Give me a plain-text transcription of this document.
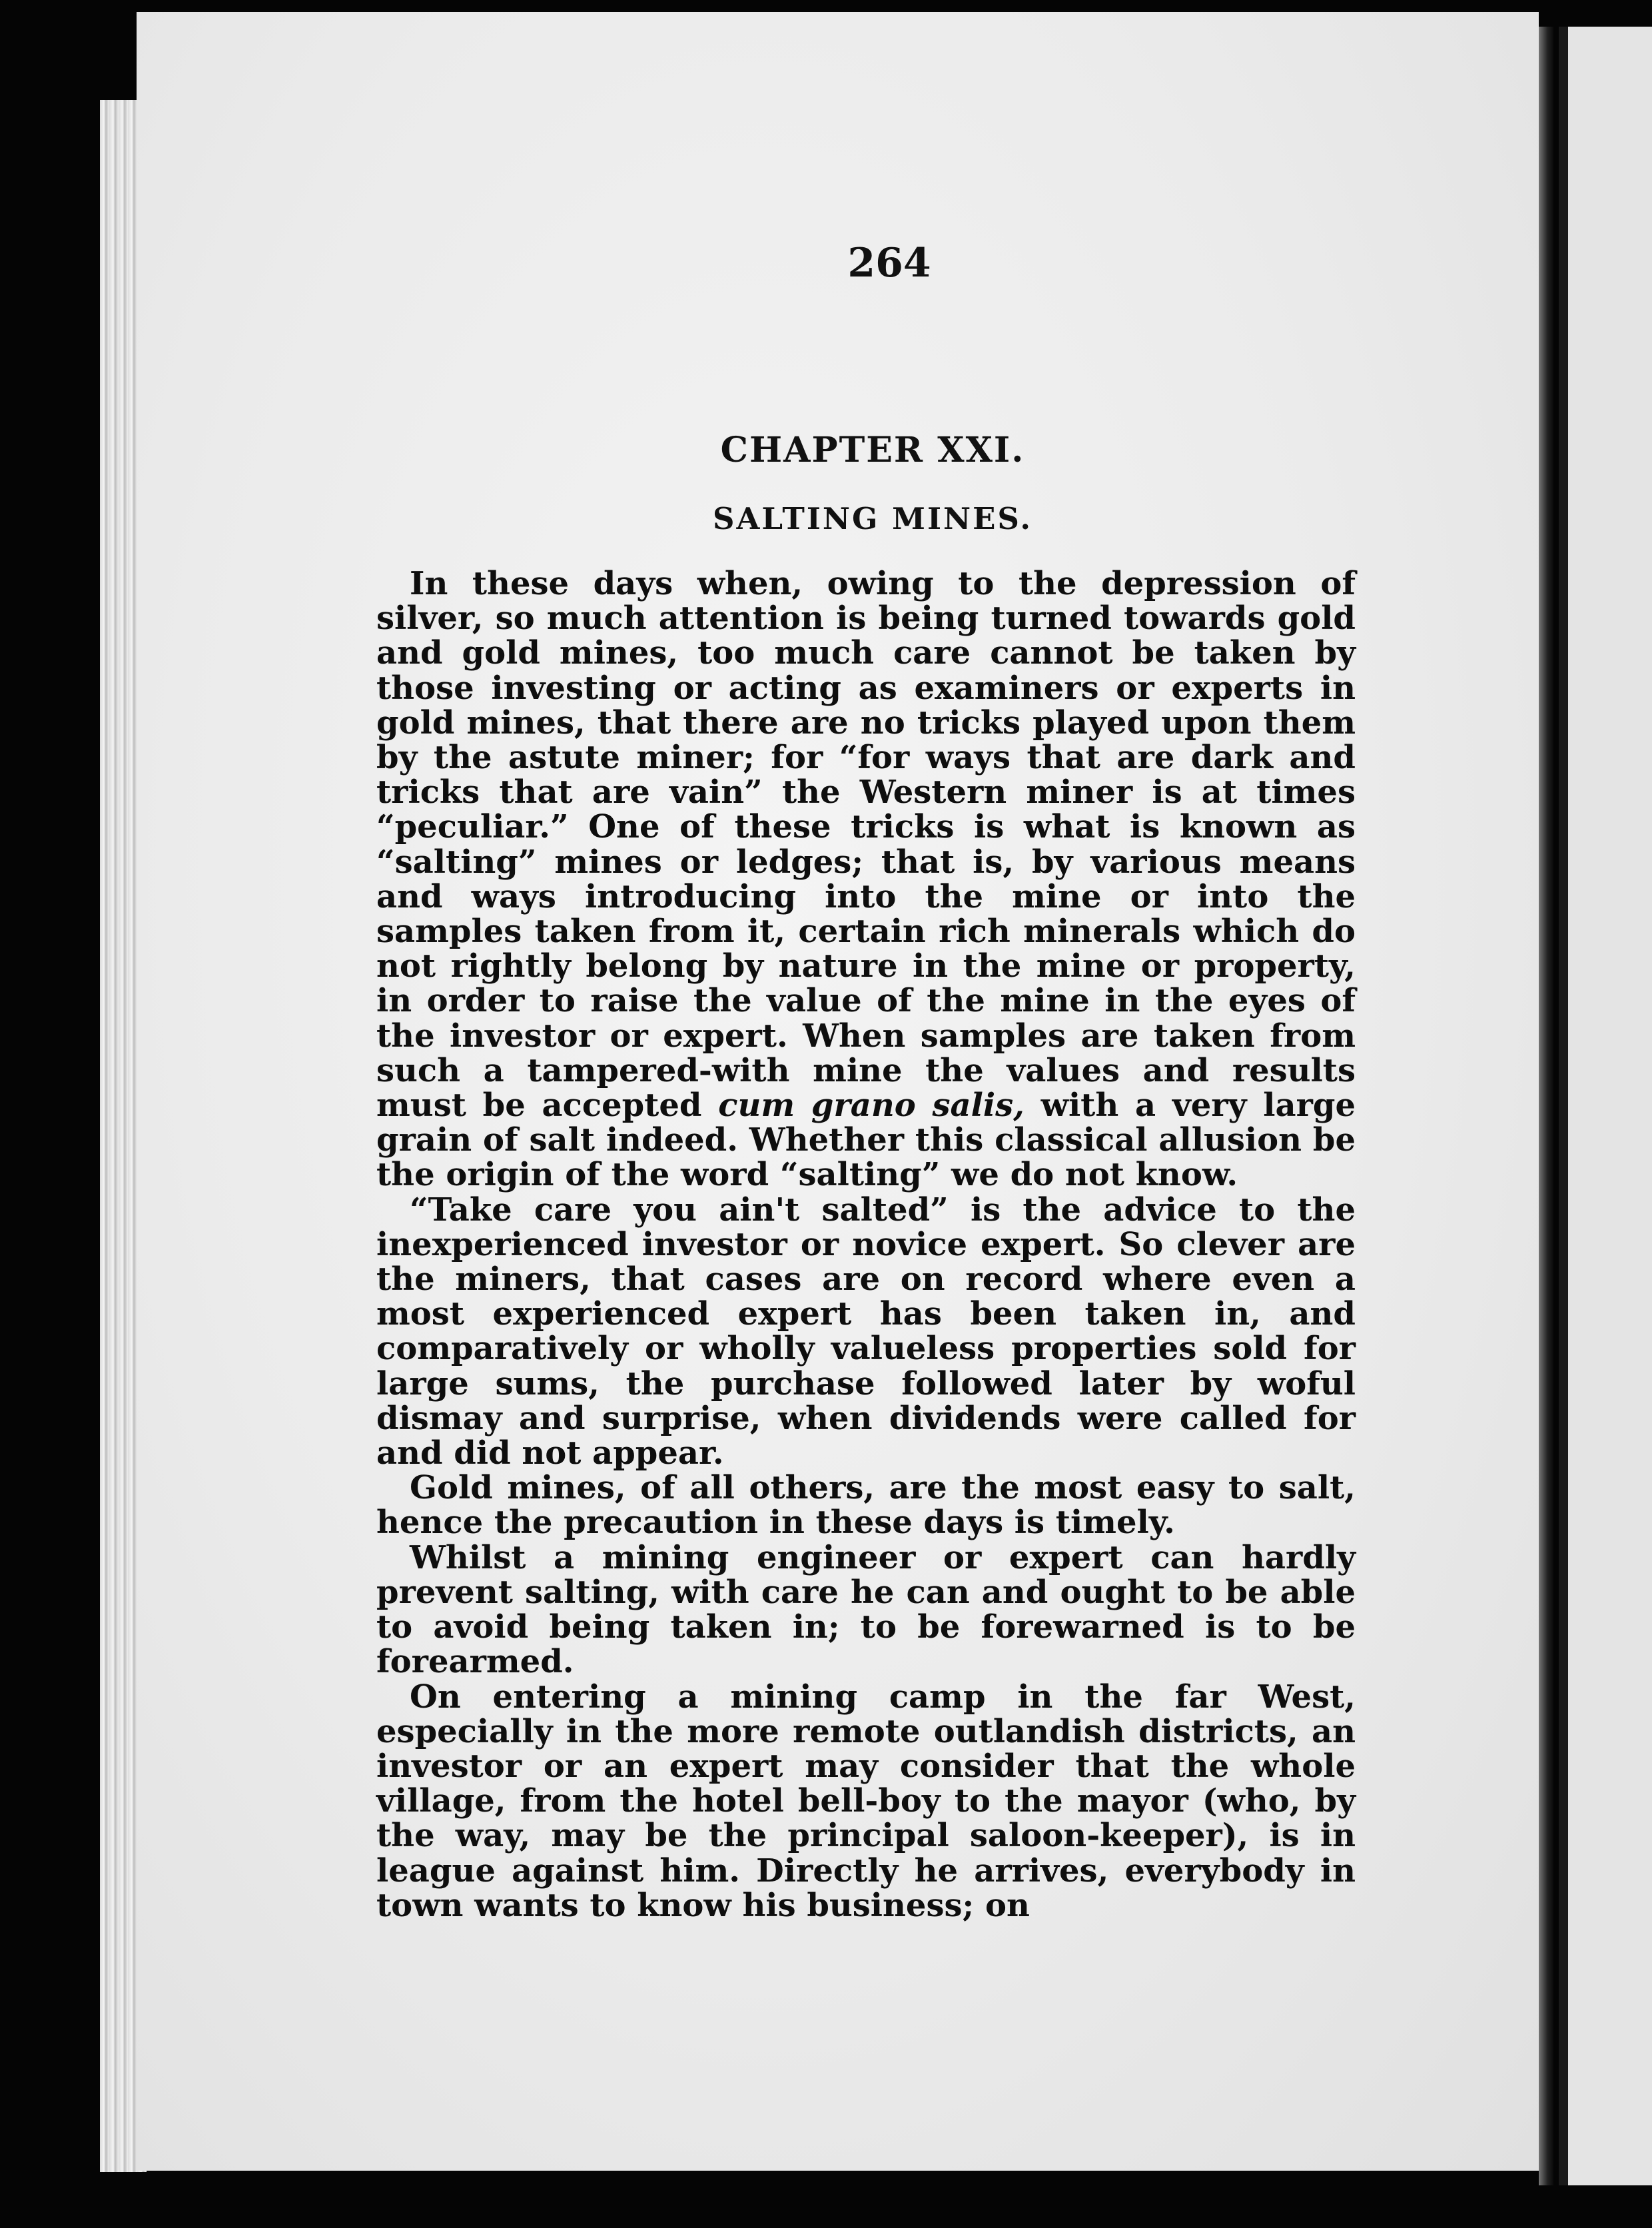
264
CHAPTER XXI.
SALTING MINES.

In these days when, owing to the depression of silver, so much attention is being turned towards gold and gold mines, too much care cannot be taken by those investing or acting as examiners or experts in gold mines, that there are no tricks played upon them by the astute miner; for “for ways that are dark and tricks that are vain” the Western miner is at times “peculiar.” One of these tricks is what is known as “salting” mines or ledges; that is, by various means and ways introducing into the mine or into the samples taken from it, certain rich minerals which do not rightly belong by nature in the mine or property, in order to raise the value of the mine in the eyes of the investor or expert. When samples are taken from such a tampered-with mine the values and results must be accepted cum grano salis, with a very large grain of salt indeed. Whether this classical allusion be the origin of the word “salting” we do not know.

“Take care you ain't salted” is the advice to the inexperienced investor or novice expert. So clever are the miners, that cases are on record where even a most experienced expert has been taken in, and comparatively or wholly valueless properties sold for large sums, the purchase followed later by woful dismay and surprise, when dividends were called for and did not appear.

Gold mines, of all others, are the most easy to salt, hence the precaution in these days is timely.

Whilst a mining engineer or expert can hardly prevent salting, with care he can and ought to be able to avoid being taken in; to be forewarned is to be forearmed.

On entering a mining camp in the far West, especially in the more remote outlandish districts, an investor or an expert may consider that the whole village, from the hotel bell-boy to the mayor (who, by the way, may be the principal saloon-keeper), is in league against him. Directly he arrives, everybody in town wants to know his business; on
